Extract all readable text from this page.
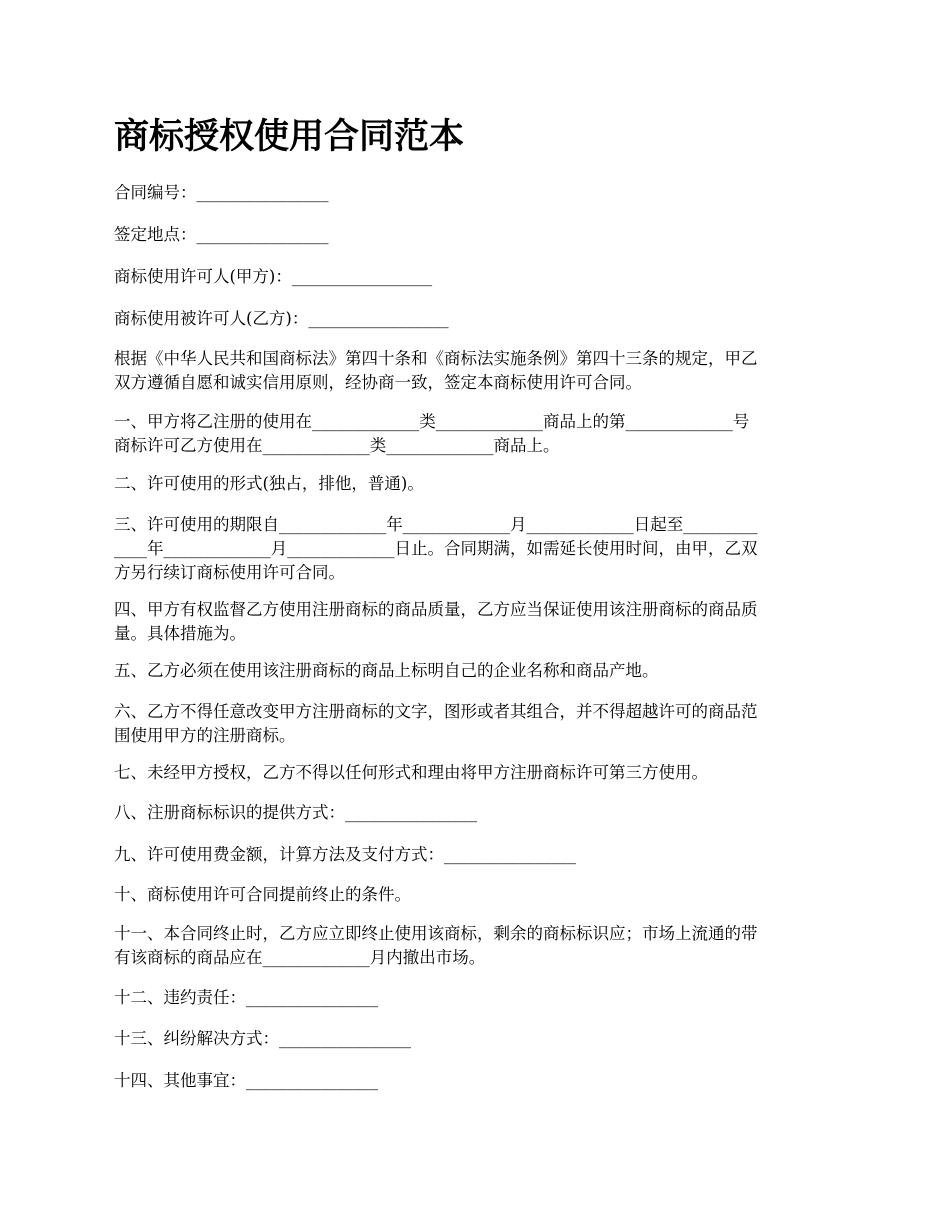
商标授权使用合同范本

合同编号：________________

签定地点：________________

商标使用许可人(甲方)：_________________

商标使用被许可人(乙方)：_________________

根据《中华人民共和国商标法》第四十条和《商标法实施条例》第四十三条的规定，甲乙
双方遵循自愿和诚实信用原则，经协商一致，签定本商标使用许可合同。

一、甲方将乙注册的使用在_____________类_____________商品上的第_____________号
商标许可乙方使用在_____________类_____________商品上。

二、许可使用的形式(独占，排他，普通)。

三、许可使用的期限自_____________年_____________月_____________日起至_________
____年_____________月_____________日止。合同期满，如需延长使用时间，由甲，乙双
方另行续订商标使用许可合同。

四、甲方有权监督乙方使用注册商标的商品质量，乙方应当保证使用该注册商标的商品质
量。具体措施为。

五、乙方必须在使用该注册商标的商品上标明自己的企业名称和商品产地。

六、乙方不得任意改变甲方注册商标的文字，图形或者其组合，并不得超越许可的商品范
围使用甲方的注册商标。

七、未经甲方授权，乙方不得以任何形式和理由将甲方注册商标许可第三方使用。

八、注册商标标识的提供方式：________________

九、许可使用费金额，计算方法及支付方式：________________

十、商标使用许可合同提前终止的条件。

十一、本合同终止时，乙方应立即终止使用该商标，剩余的商标标识应；市场上流通的带
有该商标的商品应在_____________月内撤出市场。

十二、违约责任：________________

十三、纠纷解决方式：________________

十四、其他事宜：________________
